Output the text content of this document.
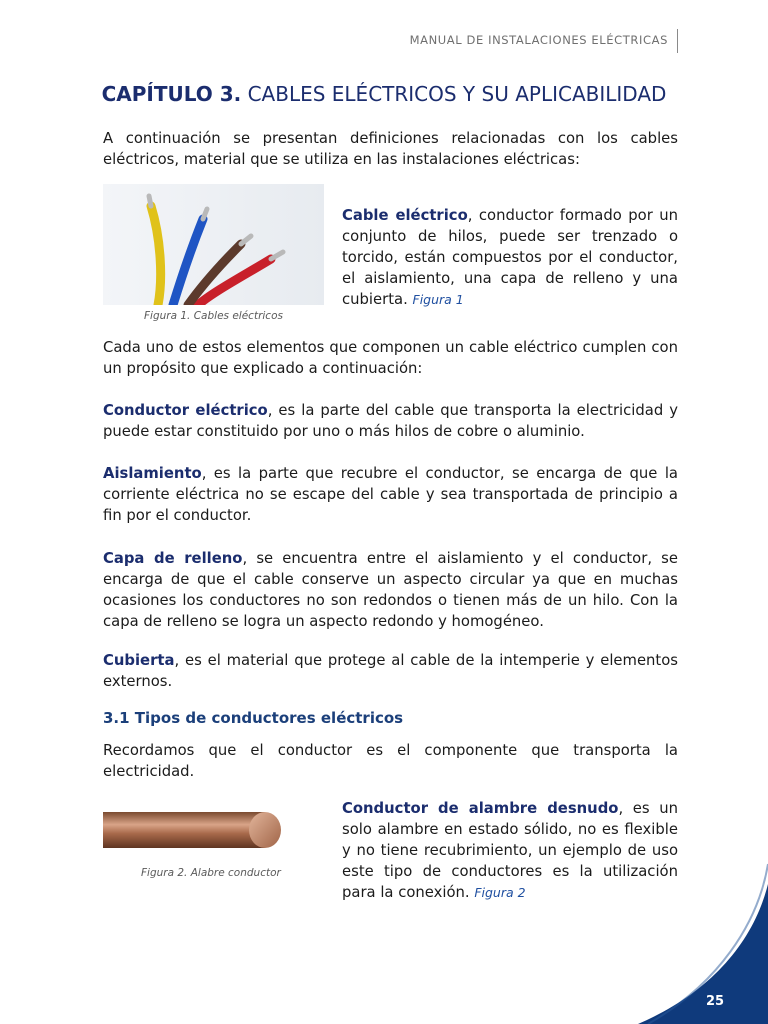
MANUAL DE INSTALACIONES ELÉCTRICAS
CAPÍTULO 3. CABLES ELÉCTRICOS Y SU APLICABILIDAD
A continuación se presentan definiciones relacionadas con los cables eléctricos, material que se utiliza en las instalaciones eléctricas:
Figura 1. Cables eléctricos
Cable eléctrico, conductor formado por un conjunto de hilos, puede ser trenzado o torcido, están compuestos por el conductor, el aislamiento, una capa de relleno y una cubierta. Figura 1
Cada uno de estos elementos que componen un cable eléctrico cumplen con un propósito que explicado a continuación:
Conductor eléctrico, es la parte del cable que transporta la electricidad y puede estar constituido por uno o más hilos de cobre o aluminio.
Aislamiento, es la parte que recubre el conductor, se encarga de que la corriente eléctrica no se escape del cable y sea transportada de principio a fin por el conductor.
Capa de relleno, se encuentra entre el aislamiento y el conductor, se encarga de que el cable conserve un aspecto circular ya que en muchas ocasiones los conductores no son redondos o tienen más de un hilo. Con la capa de relleno se logra un aspecto redondo y homogéneo.
Cubierta, es el material que protege al cable de la intemperie y elementos externos.
3.1 Tipos de conductores eléctricos
Recordamos que el conductor es el componente que transporta la electricidad.
Figura 2. Alabre conductor
Conductor de alambre desnudo, es un solo alambre en estado sólido, no es flexible y no tiene recubrimiento, un ejemplo de uso este tipo de conductores es la utilización para la conexión. Figura 2
25
